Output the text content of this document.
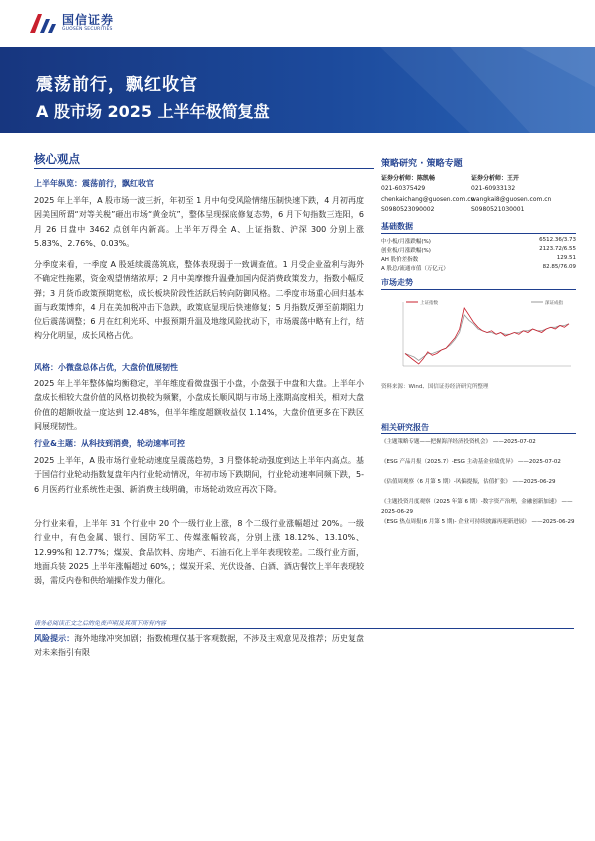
国信证券
GUOSEN SECURITIES
震荡前行，飘红收官
A 股市场 2025 上半年极简复盘
核心观点
上半年纵览：震荡前行，飘红收官
2025 年上半年，A 股市场一波三折，年初至 1 月中旬受风险情绪压制快速下跌，4 月初再度因美国所谓“对等关税”砸出市场“黄金坑”，整体呈现探底修复态势，6 月下旬指数三连阳，6 月 26 日盘中 3462 点创年内新高。上半年万得全 A、上证指数、沪深 300 分别上涨 5.83%、2.76%、0.03%。
分季度来看，一季度 A 股延续震荡筑底，整体表现弱于一致调查值。1 月受企业盈利与海外不确定性拖累，资金观望情绪浓厚；2 月中美摩擦升温叠加国内促消费政策发力，指数小幅反弹；3 月货币政策预期宽松，成长板块阶段性活跃后转向防御风格。二季度市场重心回归基本面与政策博弈，4 月在美加税冲击下急跌，政策底显现后快速修复；5 月指数反弹至前期阻力位后震荡调整；6 月在红利光环、中报预期升温及地缘风险扰动下，市场震荡中略有上行，结构分化明显，成长风格占优。
风格：小微盘总体占优，大盘价值展韧性
2025 年上半年整体偏均衡稳定，半年维度看微盘强于小盘，小盘强于中盘和大盘。上半年小盘成长相较大盘价值的风格切换较为频繁，小盘成长顺风期与市场上涨期高度相关，相对大盘价值的超额收益一度达到 12.48%，但半年维度超额收益仅 1.14%，大盘价值更多在下跌区间展现韧性。
行业&主题：从科技到消费，轮动速率可控
2025 上半年，A 股市场行业轮动速度呈震荡趋势，3 月整体轮动强度到达上半年内高点。基于国信行业轮动指数复盘年内行业轮动情况，年初市场下跌期间，行业轮动速率同频下跌，5-6 月医药行业系统性走强、新消费主线明确，市场轮动效应再次下降。
分行业来看，上半年 31 个行业中 20 个一级行业上涨，8 个二级行业涨幅超过 20%。一级行业中，有色金属、银行、国防军工、传媒涨幅较高，分别上涨 18.12%、13.10%、12.99%和 12.77%；煤炭、食品饮料、房地产、石油石化上半年表现较差。二级行业方面，地面兵装 2025 上半年涨幅超过 60%，；煤炭开采、光伏设备、白酒、酒店餐饮上半年表现较弱，需反内卷和供给端操作发力催化。
风险提示：海外地缘冲突加剧；指数梳理仅基于客观数据，不涉及主观意见及推荐；历史复盘对未来指引有限
策略研究 · 策略专题
证券分析师：陈凯畅
021-60375429
chenkaichang@guosen.com.cn
S0980523090002
证券分析师：王开
021-60933132
wangkai8@guosen.com.cn
S0980521030001
基础数据
中小板/月涨跌幅(%)	6512.36/3.73
创业板/月涨跌幅(%)	2123.72/6.55
AH 股价差指数	129.51
A 股总/流通市值（万亿元）	82.85/76.09
市场走势
上证指数	深证成指
资料来源：Wind、国信证券经济研究所整理
相关研究报告
《主题策略专题——把握海洋经济投资机会》 ——2025-07-02
《ESG 产品月报（2025.7）-ESG 主动基金业绩优异》 ——2025-07-02
《估值周观察（6 月第 5 期）-风偏提振，估值扩张》 ——2025-06-29
《主题投资月度观察（2025 年第 6 期）-数字资产治理，金融创新加速》 ——2025-06-29
《ESG 热点周报(6 月第 5 期)- 企业可持续披露再迎新进展》 ——2025-06-29
请务必阅读正文之后的免责声明及其项下所有内容
